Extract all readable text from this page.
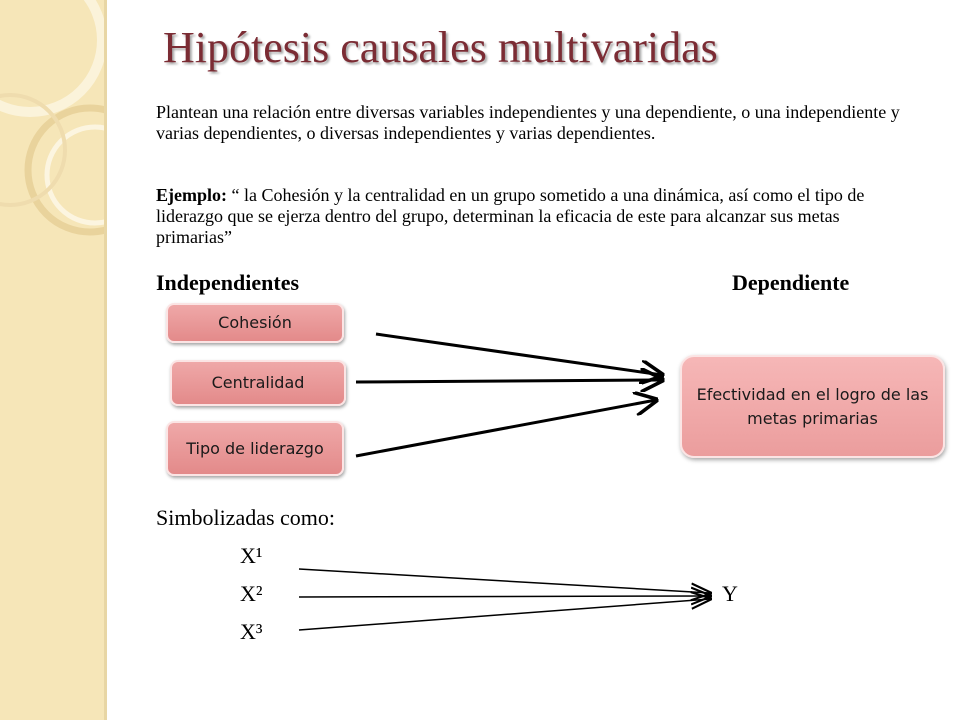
Hipótesis causales multivaridas

Plantean una relación entre diversas variables independientes y una dependiente, o una independiente y varias dependientes, o diversas independientes y varias dependientes.

Ejemplo: “ la Cohesión y la centralidad en un grupo sometido a una dinámica, así como el tipo de liderazgo que se ejerza dentro del grupo, determinan la eficacia de este para alcanzar sus metas primarias”

Independientes	Dependiente
Cohesión
Centralidad
Tipo de liderazgo
Efectividad en el logro de las metas primarias
Simbolizadas como:
X¹
X²
X³
Y
